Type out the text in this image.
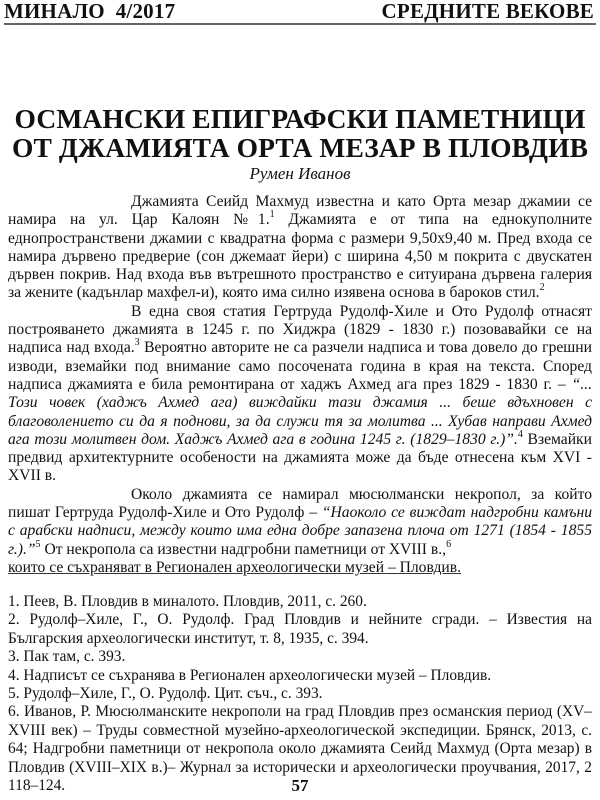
МИНАЛО  4/2017	СРЕДНИТЕ ВЕКОВЕ
ОСМАНСКИ ЕПИГРАФСКИ ПАМЕТНИЦИ
ОТ ДЖАМИЯТА ОРТА МЕЗАР В ПЛОВДИВ
Румен Иванов

Джамията Сеийд Махмуд известна и като Орта мезар джамии се намира на ул. Цар Калоян №1.$^1$ Джамията е от типа на еднокуполните еднопространствени джамии с квадратна форма с размери 9,50х9,40 м. Пред входа се намира дървено предверие (сон джемаат йери) с ширина 4,50 м покрита с двускатен дървен покрив. Над входа във вътрешното пространство е ситуирана дървена галерия за жените (кадънлар махфел-и), която има силно изявена основа в бароков стил.$^2$

В една своя статия Гертруда Рудолф-Хиле и Ото Рудолф отнасят построяването джамията в 1245 г. по Хиджра (1829 - 1830 г.) позовавайки се на надписа над входа.$^3$ Вероятно авторите не са разчели надписа и това довело до грешни изводи, вземайки под внимание само посочената година в края на текста. Според надписа джамията е била ремонтирана от хаджъ Ахмед ага през 1829 - 1830 г. – “... Този човек (хаджъ Ахмед ага) виждайки тази джамия ... беше вдъхновен с благоволението си да я поднови, за да служи тя за молитва ... Хубав направи Ахмед ага този молитвен дом. Хаджъ Ахмед ага в година 1245 г. (1829–1830 г.)”.$^4$ Вземайки предвид архитектурните особености на джамията може да бъде отнесена към XVI - XVII в.

Около джамията се намирал мюсюлмански некропол, за който пишат Гертруда Рудолф-Хиле и Ото Рудолф – “Наоколо се виждат надгробни камъни с арабски надписи, между които има една добре запазена плоча от 1271 (1854 - 1855 г.).”$^5$ От некропола са известни надгробни паметници от XVIII в.,$^6$
които се съхраняват в Регионален археологически музей – Пловдив.

1. Пеев, В. Пловдив в миналото. Пловдив, 2011, с. 260.

2. Рудолф–Хиле, Г., О. Рудолф. Град Пловдив и нейните сгради. – Известия на Българския археологически институт, т. 8, 1935, с. 394.

3. Пак там, с. 393.

4. Надписът се съхранява в Регионален археологически музей – Пловдив.

5. Рудолф–Хиле, Г., О. Рудолф. Цит. съч., с. 393.

6. Иванов, Р. Мюсюлманските некрополи на град Пловдив през османския период (XV–XVIII век) – Труды совместной музейно-археологической экспедиции. Брянск, 2013, с. 64; Надгробни паметници от некропола около джамията Сеийд Махмуд (Орта мезар) в Пловдив (XVIII–XIX в.)– Журнал за исторически и археологически проучвания, 2017, 2 118–124.	57
